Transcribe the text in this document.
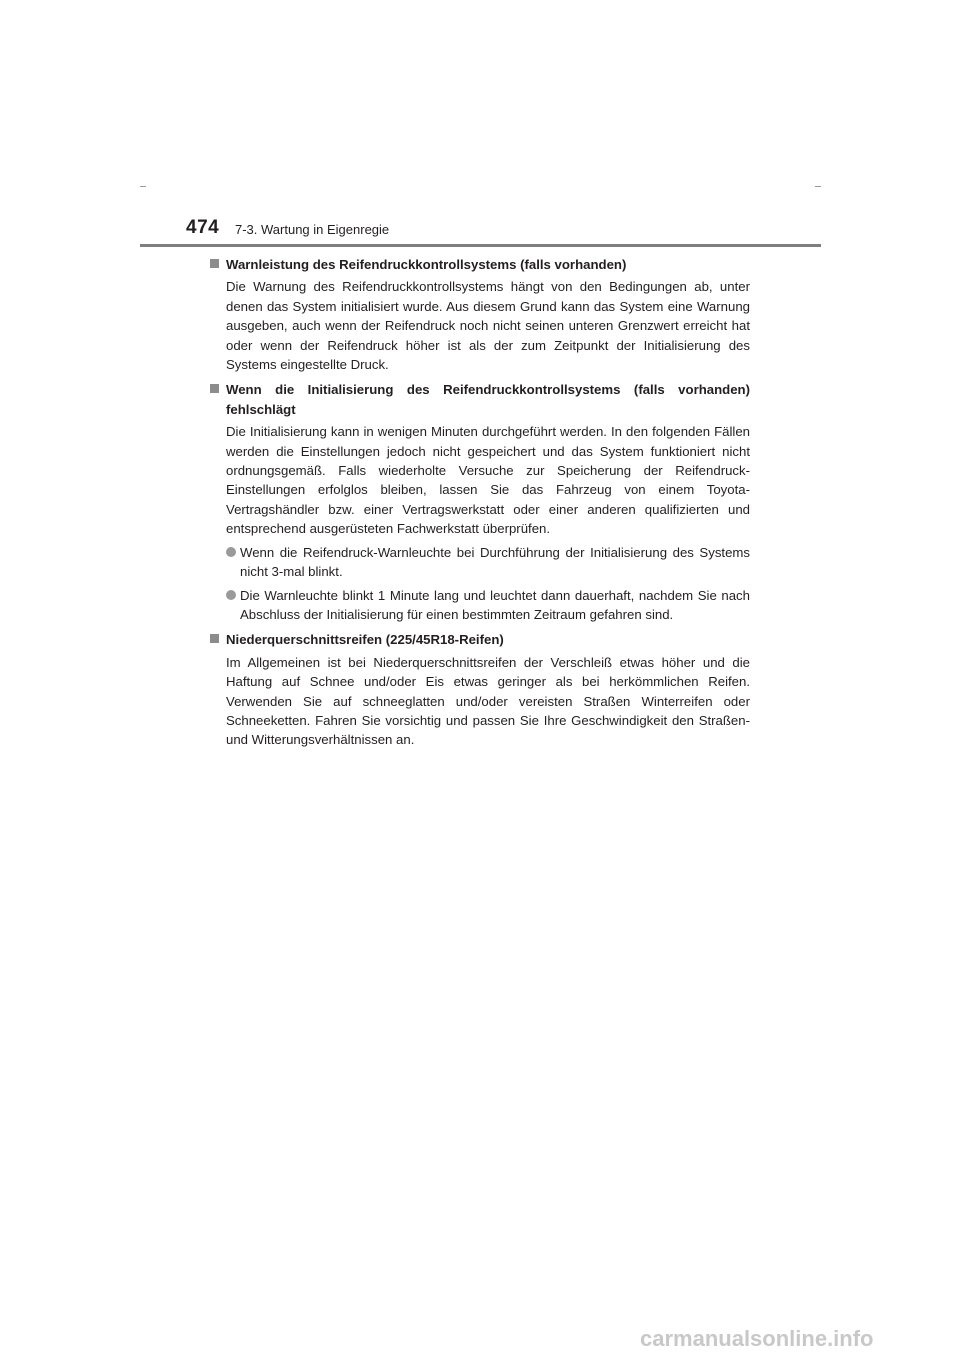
474 7-3. Wartung in Eigenregie
Warnleistung des Reifendruckkontrollsystems (falls vorhanden)
Die Warnung des Reifendruckkontrollsystems hängt von den Bedingungen ab, unter denen das System initialisiert wurde. Aus diesem Grund kann das System eine Warnung ausgeben, auch wenn der Reifendruck noch nicht seinen unteren Grenzwert erreicht hat oder wenn der Reifendruck höher ist als der zum Zeitpunkt der Initialisierung des Systems eingestellte Druck.
Wenn die Initialisierung des Reifendruckkontrollsystems (falls vorhanden) fehlschlägt
Die Initialisierung kann in wenigen Minuten durchgeführt werden. In den folgenden Fällen werden die Einstellungen jedoch nicht gespeichert und das System funktioniert nicht ordnungsgemäß. Falls wiederholte Versuche zur Speicherung der Reifendruck-Einstellungen erfolglos bleiben, lassen Sie das Fahrzeug von einem Toyota-Vertragshändler bzw. einer Vertragswerkstatt oder einer anderen qualifizierten und entsprechend ausgerüsteten Fachwerkstatt überprüfen.
Wenn die Reifendruck-Warnleuchte bei Durchführung der Initialisierung des Systems nicht 3-mal blinkt.
Die Warnleuchte blinkt 1 Minute lang und leuchtet dann dauerhaft, nachdem Sie nach Abschluss der Initialisierung für einen bestimmten Zeitraum gefahren sind.
Niederquerschnittsreifen (225/45R18-Reifen)
Im Allgemeinen ist bei Niederquerschnittsreifen der Verschleiß etwas höher und die Haftung auf Schnee und/oder Eis etwas geringer als bei herkömmlichen Reifen. Verwenden Sie auf schneeglatten und/oder vereisten Straßen Winterreifen oder Schneeketten. Fahren Sie vorsichtig und passen Sie Ihre Geschwindigkeit den Straßen- und Witterungsverhältnissen an.
carmanualsonline.info
